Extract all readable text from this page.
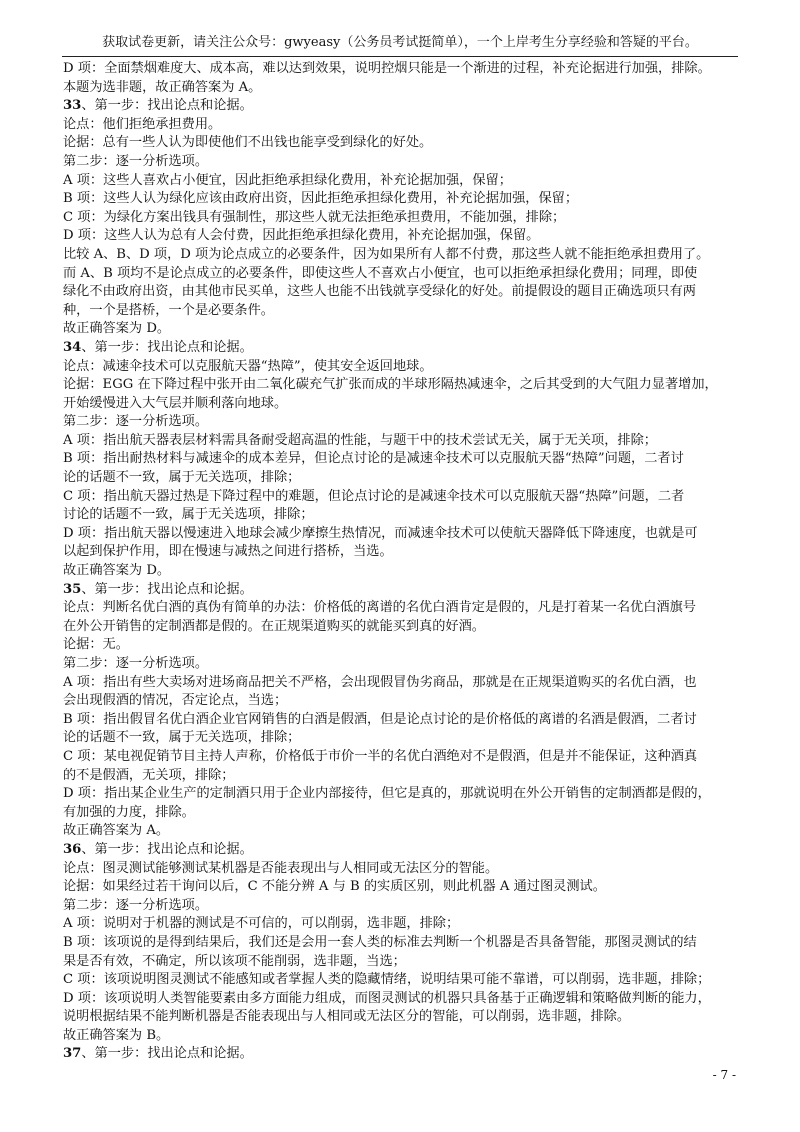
获取试卷更新，请关注公众号：gwyeasy（公务员考试挺简单），一个上岸考生分享经验和答疑的平台。
D 项：全面禁烟难度大、成本高，难以达到效果，说明控烟只能是一个渐进的过程，补充论据进行加强，排除。
本题为选非题，故正确答案为 A。
33、第一步：找出论点和论据。
论点：他们拒绝承担费用。
论据：总有一些人认为即使他们不出钱也能享受到绿化的好处。
第二步：逐一分析选项。
A 项：这些人喜欢占小便宜，因此拒绝承担绿化费用，补充论据加强，保留；
B 项：这些人认为绿化应该由政府出资，因此拒绝承担绿化费用，补充论据加强，保留；
C 项：为绿化方案出钱具有强制性，那这些人就无法拒绝承担费用，不能加强，排除；
D 项：这些人认为总有人会付费，因此拒绝承担绿化费用，补充论据加强，保留。
比较 A、B、D 项，D 项为论点成立的必要条件，因为如果所有人都不付费，那这些人就不能拒绝承担费用了。
而 A、B 项均不是论点成立的必要条件，即使这些人不喜欢占小便宜，也可以拒绝承担绿化费用；同理，即使
绿化不由政府出资，由其他市民买单，这些人也能不出钱就享受绿化的好处。前提假设的题目正确选项只有两
种，一个是搭桥，一个是必要条件。
故正确答案为 D。
34、第一步：找出论点和论据。
论点：减速伞技术可以克服航天器“热障”，使其安全返回地球。
论据：EGG 在下降过程中张开由二氧化碳充气扩张而成的半球形隔热减速伞，之后其受到的大气阻力显著增加，
开始缓慢进入大气层并顺利落向地球。
第二步：逐一分析选项。
A 项：指出航天器表层材料需具备耐受超高温的性能，与题干中的技术尝试无关，属于无关项，排除；
B 项：指出耐热材料与减速伞的成本差异，但论点讨论的是减速伞技术可以克服航天器“热障”问题，二者讨
论的话题不一致，属于无关选项，排除；
C 项：指出航天器过热是下降过程中的难题，但论点讨论的是减速伞技术可以克服航天器“热障”问题，二者
讨论的话题不一致，属于无关选项，排除；
D 项：指出航天器以慢速进入地球会减少摩擦生热情况，而减速伞技术可以使航天器降低下降速度，也就是可
以起到保护作用，即在慢速与减热之间进行搭桥，当选。
故正确答案为 D。
35、第一步：找出论点和论据。
论点：判断名优白酒的真伪有简单的办法：价格低的离谱的名优白酒肯定是假的，凡是打着某一名优白酒旗号
在外公开销售的定制酒都是假的。在正规渠道购买的就能买到真的好酒。
论据：无。
第二步：逐一分析选项。
A 项：指出有些大卖场对进场商品把关不严格，会出现假冒伪劣商品，那就是在正规渠道购买的名优白酒，也
会出现假酒的情况，否定论点，当选；
B 项：指出假冒名优白酒企业官网销售的白酒是假酒，但是论点讨论的是价格低的离谱的名酒是假酒，二者讨
论的话题不一致，属于无关选项，排除；
C 项：某电视促销节目主持人声称，价格低于市价一半的名优白酒绝对不是假酒，但是并不能保证，这种酒真
的不是假酒，无关项，排除；
D 项：指出某企业生产的定制酒只用于企业内部接待，但它是真的，那就说明在外公开销售的定制酒都是假的，
有加强的力度，排除。
故正确答案为 A。
36、第一步：找出论点和论据。
论点：图灵测试能够测试某机器是否能表现出与人相同或无法区分的智能。
论据：如果经过若干询问以后，C 不能分辨 A 与 B 的实质区别，则此机器 A 通过图灵测试。
第二步：逐一分析选项。
A 项：说明对于机器的测试是不可信的，可以削弱，选非题，排除；
B 项：该项说的是得到结果后，我们还是会用一套人类的标准去判断一个机器是否具备智能，那图灵测试的结
果是否有效，不确定，所以该项不能削弱，选非题，当选；
C 项：该项说明图灵测试不能感知或者掌握人类的隐藏情绪，说明结果可能不靠谱，可以削弱，选非题，排除；
D 项：该项说明人类智能要素由多方面能力组成，而图灵测试的机器只具备基于正确逻辑和策略做判断的能力，
说明根据结果不能判断机器是否能表现出与人相同或无法区分的智能，可以削弱，选非题，排除。
故正确答案为 B。
37、第一步：找出论点和论据。
- 7 -
